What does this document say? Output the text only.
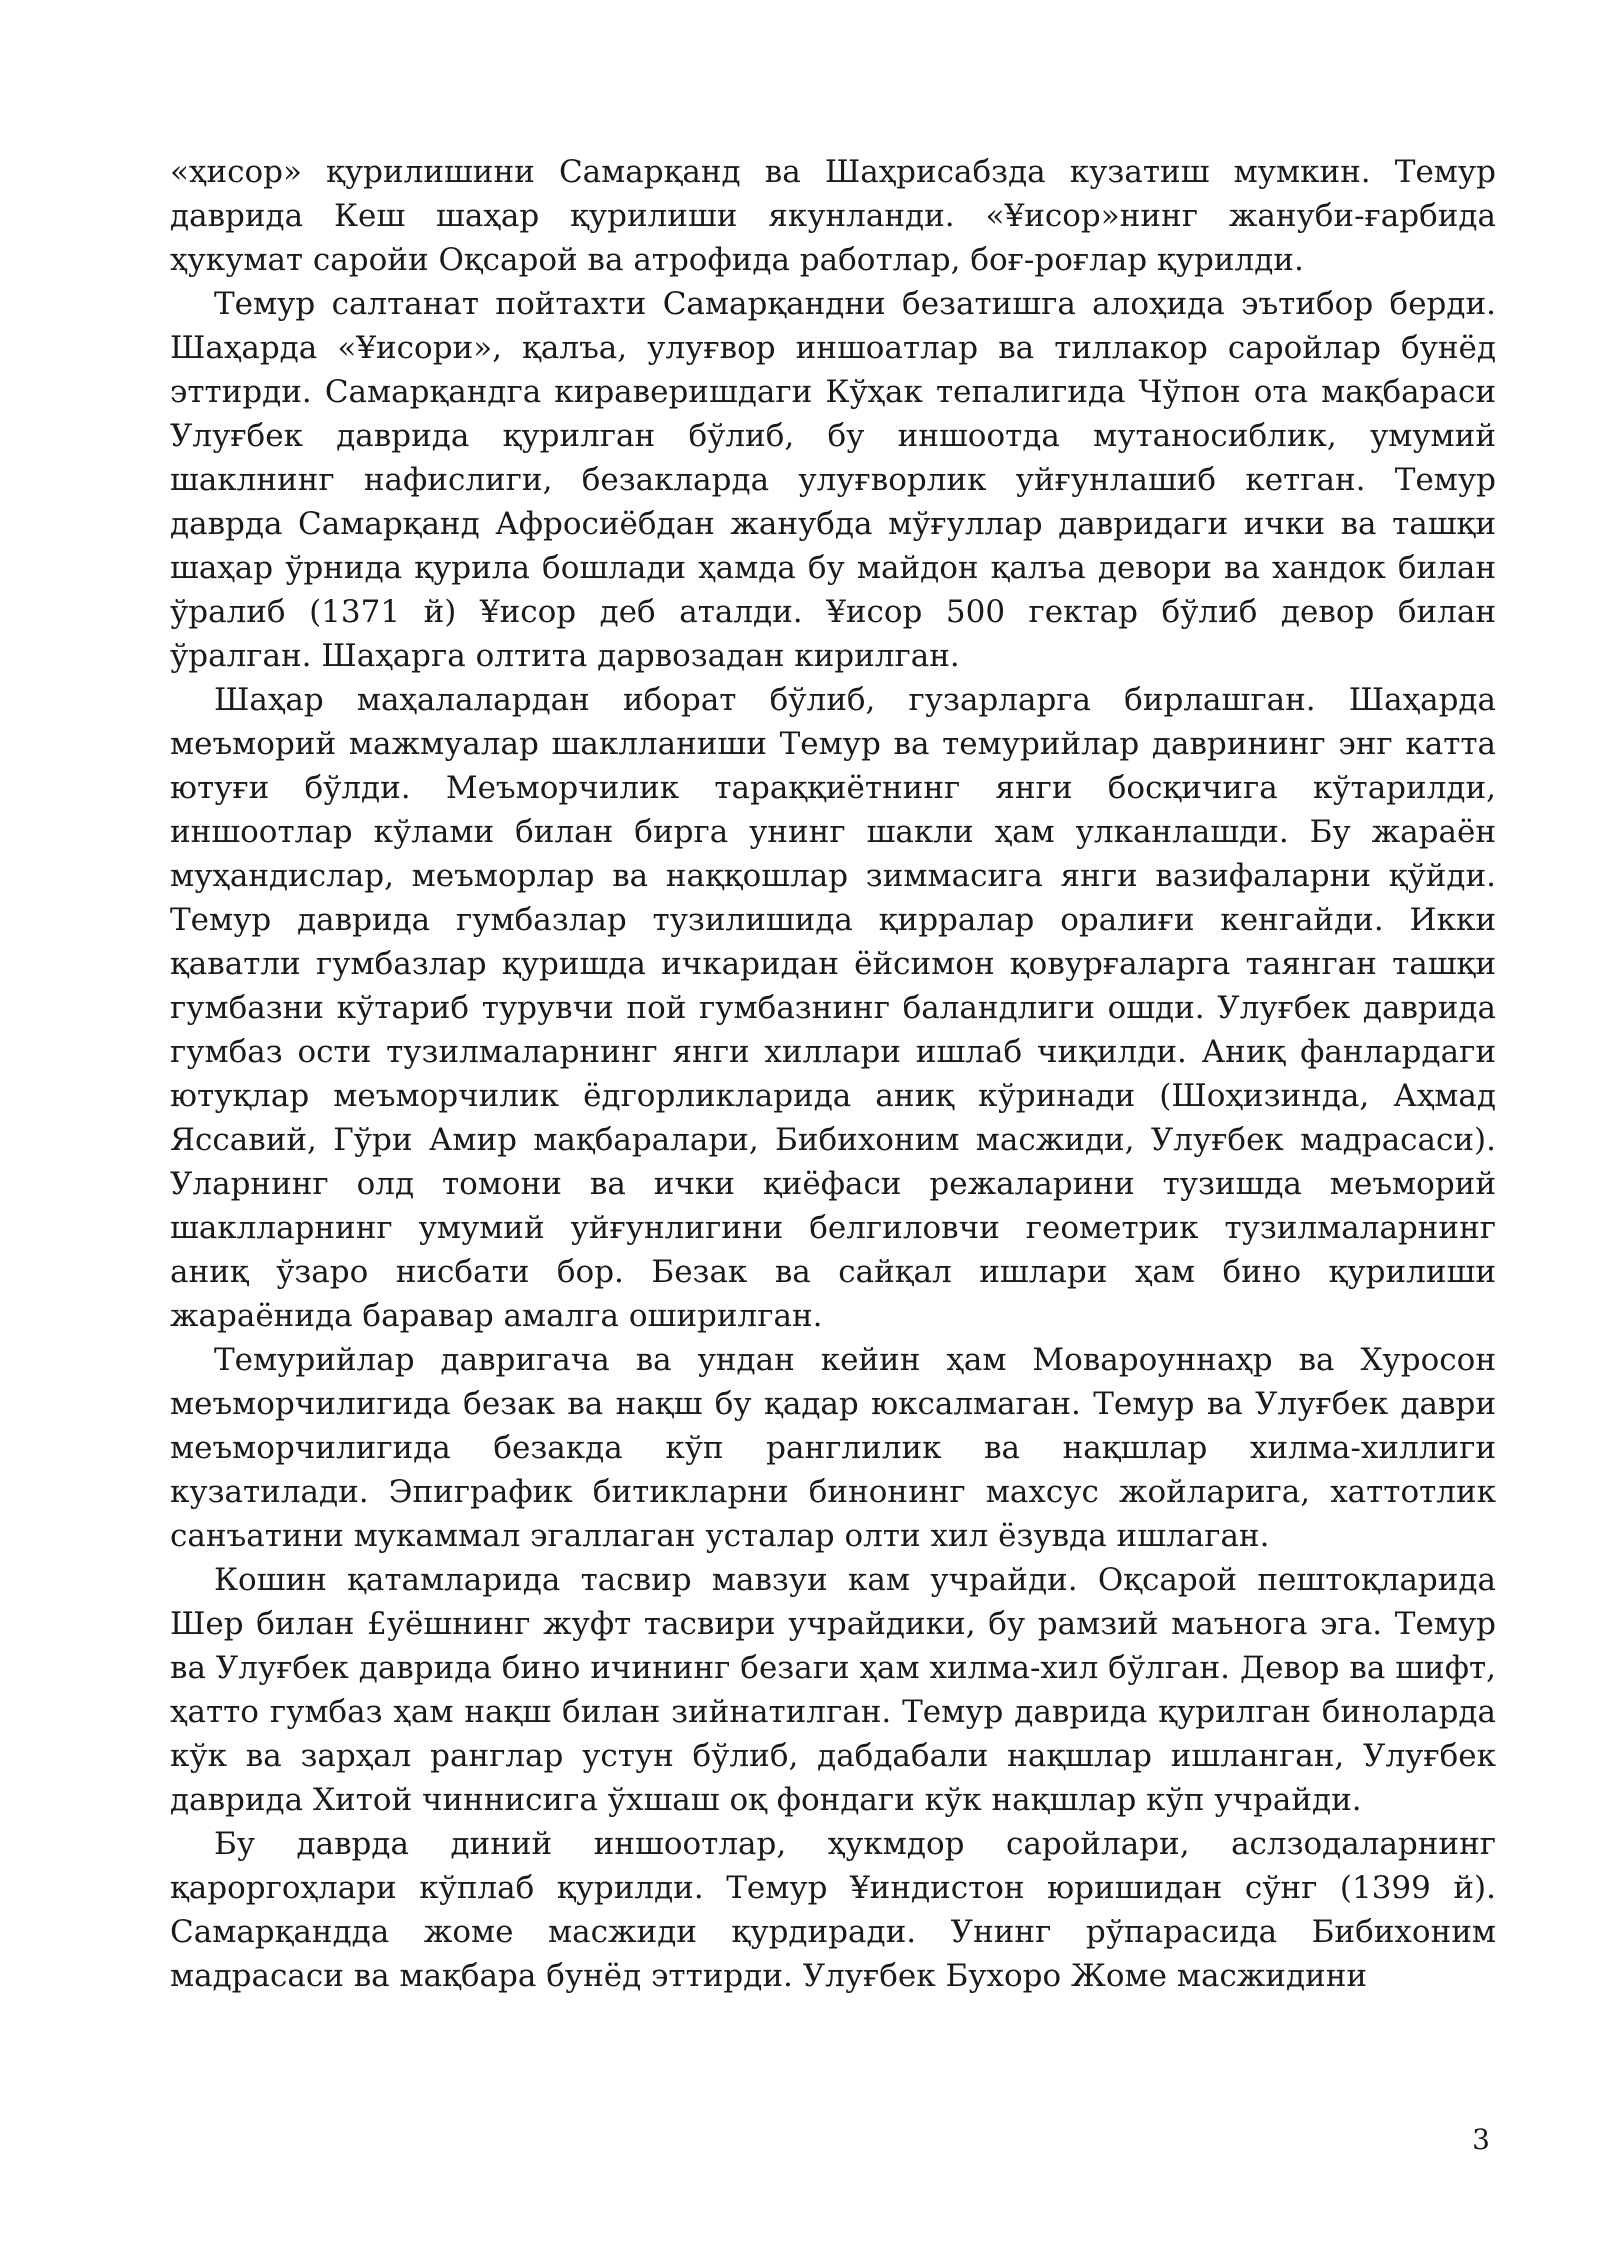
«ҳисор» қурилишини Самарқанд ва Шаҳрисабзда кузатиш мумкин. Темур даврида Кеш шаҳар қурилиши якунланди. «¥исор»нинг жануби-ғарбида ҳукумат саройи Оқсарой ва атрофида работлар, боғ-роғлар қурилди.

Темур салтанат пойтахти Самарқандни безатишга алоҳида эътибор берди. Шаҳарда «¥исори», қалъа, улуғвор иншоатлар ва тиллакор саройлар бунёд эттирди. Самарқандга кираверишдаги Кўҳак тепалигида Чўпон ота мақбараси Улуғбек даврида қурилган бўлиб, бу иншоотда мутаносиблик, умумий шаклнинг нафислиги, безакларда улуғворлик уйғунлашиб кетган. Темур даврда Самарқанд Афросиёбдан жанубда мўғуллар давридаги ички ва ташқи шаҳар ўрнида қурила бошлади ҳамда бу майдон қалъа девори ва хандок билан ўралиб (1371 й) ¥исор деб аталди. ¥исор 500 гектар бўлиб девор билан ўралган. Шаҳарга олтита дарвозадан кирилган.

Шаҳар маҳалалардан иборат бўлиб, гузарларга бирлашган. Шаҳарда меъморий мажмуалар шаклланиши Темур ва темурийлар даврининг энг катта ютуғи бўлди. Меъморчилик тараққиётнинг янги босқичига кўтарилди, иншоотлар кўлами билан бирга унинг шакли ҳам улканлашди. Бу жараён муҳандислар, меъморлар ва наққошлар зиммасига янги вазифаларни қўйди. Темур даврида гумбазлар тузилишида қирралар оралиғи кенгайди. Икки қаватли гумбазлар қуришда ичкаридан ёйсимон қовурғаларга таянган ташқи гумбазни кўтариб турувчи пой гумбазнинг баландлиги ошди. Улуғбек даврида гумбаз ости тузилмаларнинг янги хиллари ишлаб чиқилди. Аниқ фанлардаги ютуқлар меъморчилик ёдгорликларида аниқ кўринади (Шоҳизинда, Аҳмад Яссавий, Гўри Амир мақбаралари, Бибихоним масжиди, Улуғбек мадрасаси). Уларнинг олд томони ва ички қиёфаси режаларини тузишда меъморий шаклларнинг умумий уйғунлигини белгиловчи геометрик тузилмаларнинг аниқ ўзаро нисбати бор. Безак ва сайқал ишлари ҳам бино қурилиши жараёнида баравар амалга оширилган.

Темурийлар давригача ва ундан кейин ҳам Мовароуннаҳр ва Хуросон меъморчилигида безак ва нақш бу қадар юксалмаган. Темур ва Улуғбек даври меъморчилигида безакда кўп ранглилик ва нақшлар хилма-хиллиги кузатилади. Эпиграфик битикларни бинонинг махсус жойларига, хаттотлик санъатини мукаммал эгаллаган усталар олти хил ёзувда ишлаган.

Кошин қатамларида тасвир мавзуи кам учрайди. Оқсарой пештоқларида Шер билан £уёшнинг жуфт тасвири учрайдики, бу рамзий маънога эга. Темур ва Улуғбек даврида бино ичининг безаги ҳам хилма-хил бўлган. Девор ва шифт, ҳатто гумбаз ҳам нақш билан зийнатилган. Темур даврида қурилган биноларда кўк ва зарҳал ранглар устун бўлиб, дабдабали нақшлар ишланган, Улуғбек даврида Хитой чиннисига ўхшаш оқ фондаги кўк нақшлар кўп учрайди.

Бу даврда диний иншоотлар, ҳукмдор саройлари, аслзодаларнинг қароргоҳлари кўплаб қурилди. Темур ¥индистон юришидан сўнг (1399 й). Самарқандда жоме масжиди қурдиради. Унинг рўпарасида Бибихоним мадрасаси ва мақбара бунёд эттирди. Улуғбек Бухоро Жоме масжидини

3
